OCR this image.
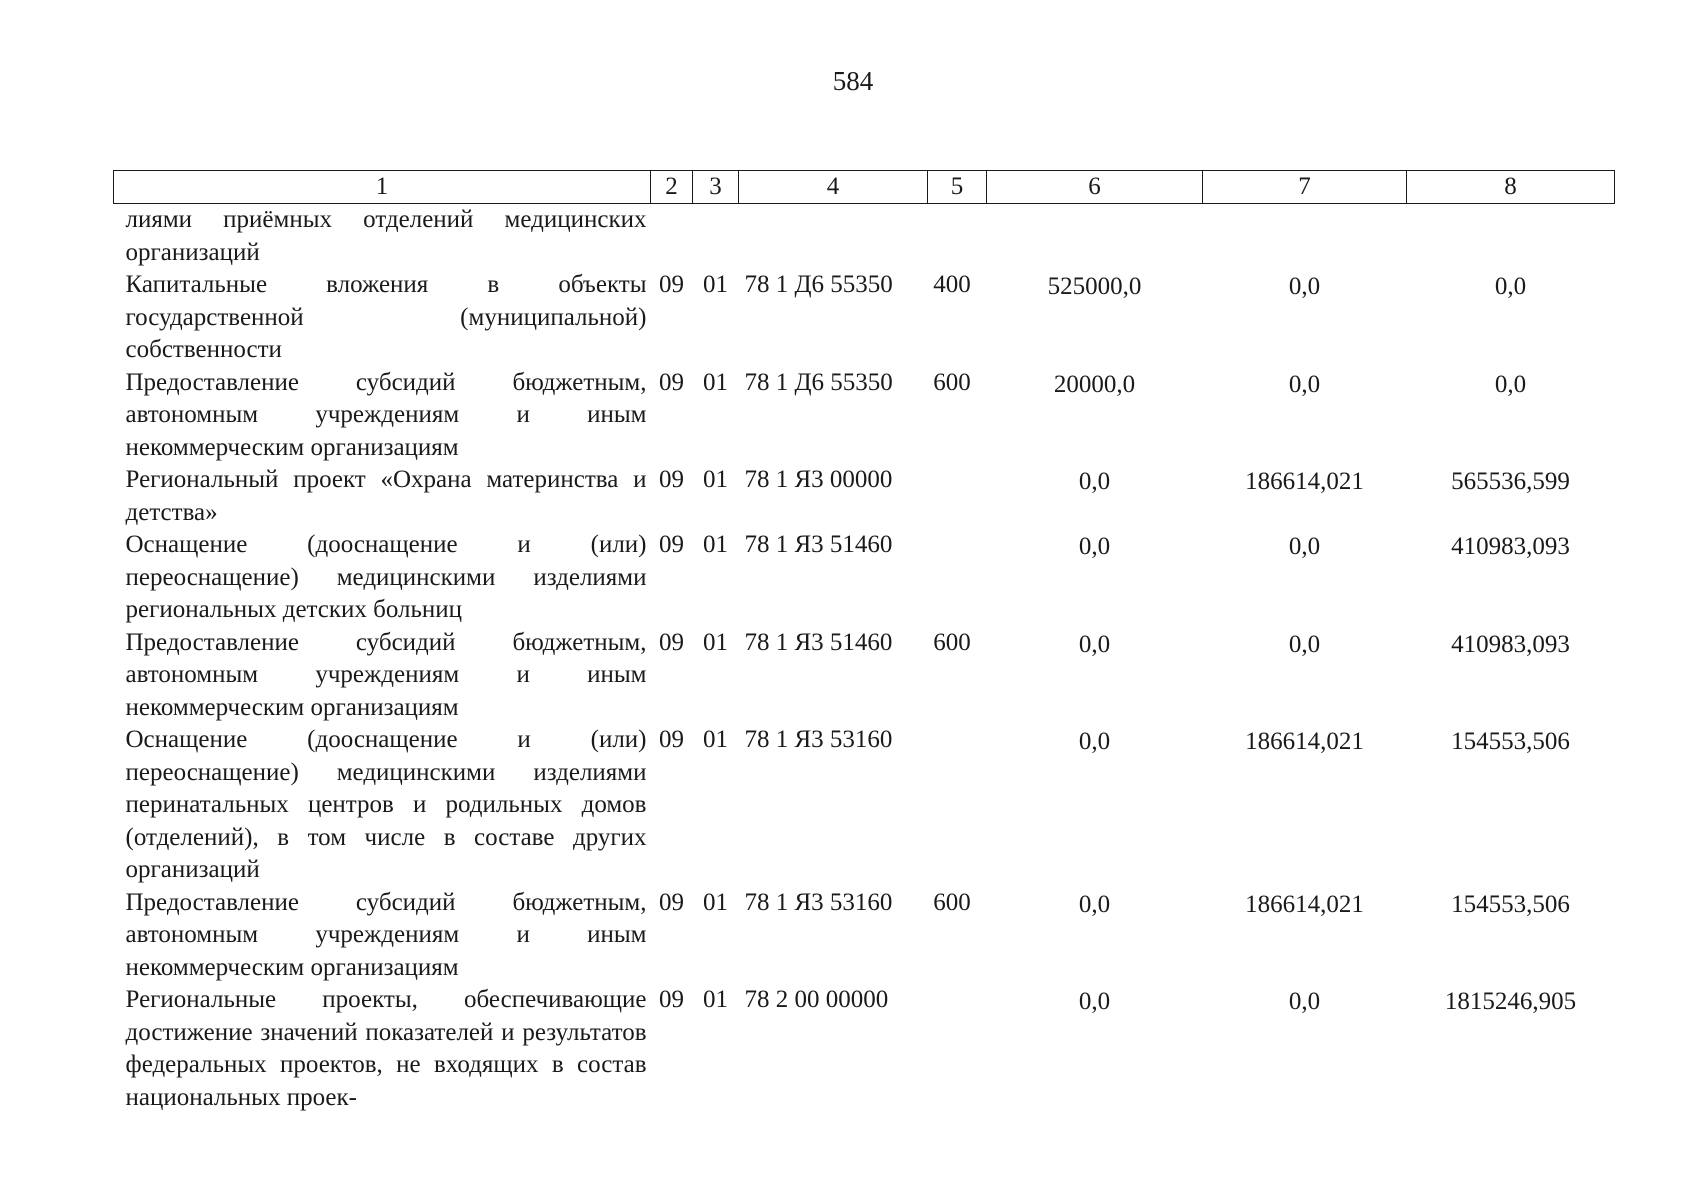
584
1	2	3	4	5	6	7	8
лиями приёмных отделений медицинских организаций							
Капитальные вложения в объекты государственной (муниципальной) собственности	09	01	78 1 Д6 55350	400	525000,0	0,0	0,0
Предоставление субсидий бюджетным, автономным учреждениям и иным некоммерческим организациям	09	01	78 1 Д6 55350	600	20000,0	0,0	0,0
Региональный проект «Охрана материнства и детства»	09	01	78 1 Я3 00000		0,0	186614,021	565536,599
Оснащение (дооснащение и (или) переоснащение) медицинскими изделиями региональных детских больниц	09	01	78 1 Я3 51460		0,0	0,0	410983,093
Предоставление субсидий бюджетным, автономным учреждениям и иным некоммерческим организациям	09	01	78 1 Я3 51460	600	0,0	0,0	410983,093
Оснащение (дооснащение и (или) переоснащение) медицинскими изделиями перинатальных центров и родильных домов (отделений), в том числе в составе других организаций	09	01	78 1 Я3 53160		0,0	186614,021	154553,506
Предоставление субсидий бюджетным, автономным учреждениям и иным некоммерческим организациям	09	01	78 1 Я3 53160	600	0,0	186614,021	154553,506
Региональные проекты, обеспечивающие достижение значений показателей и результатов федеральных проектов, не входящих в состав национальных проек-	09	01	78 2 00 00000		0,0	0,0	1815246,905
